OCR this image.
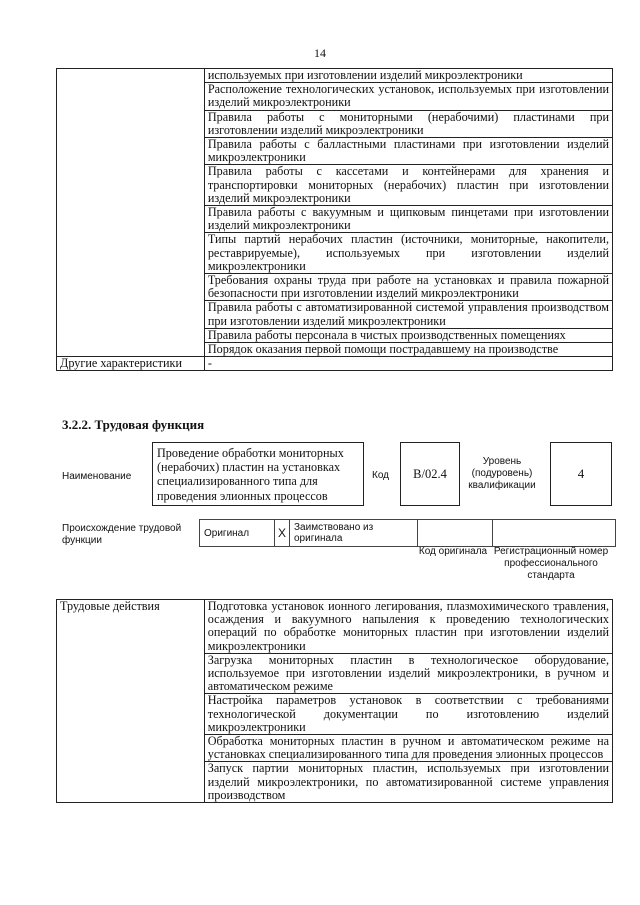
14
	используемых при изготовлении изделий микроэлектроники
	Расположение технологических установок, используемых при изготовлении изделий микроэлектроники
	Правила работы с мониторными (нерабочими) пластинами при изготовлении изделий микроэлектроники
	Правила работы с балластными пластинами при изготовлении изделий микроэлектроники
	Правила работы с кассетами и контейнерами для хранения и транспортировки мониторных (нерабочих) пластин при изготовлении изделий микроэлектроники
	Правила работы с вакуумным и щипковым пинцетами при изготовлении изделий микроэлектроники
	Типы партий нерабочих пластин (источники, мониторные, накопители, реставрируемые), используемых при изготовлении изделий микроэлектроники
	Требования охраны труда при работе на установках и правила пожарной безопасности при изготовлении изделий микроэлектроники
	Правила работы с автоматизированной системой управления производством при изготовлении изделий микроэлектроники
	Правила работы персонала в чистых производственных помещениях
	Порядок оказания первой помощи пострадавшему на производстве
Другие характеристики	-
3.2.2. Трудовая функция
Наименование
Проведение обработки мониторных (нерабочих) пластин на установках специализированного типа для проведения элионных процессов
Код	B/02.4
Уровень (подуровень) квалификации
4
Происхождение трудовой функции
Оригинал	X	Заимствовано из оригинала		
Код оригинала Регистрационный номер профессионального стандарта
Трудовые действия	Подготовка установок ионного легирования, плазмохимического травления, осаждения и вакуумного напыления к проведению технологических операций по обработке мониторных пластин при изготовлении изделий микроэлектроники
Загрузка мониторных пластин в технологическое оборудование, используемое при изготовлении изделий микроэлектроники, в ручном и автоматическом режиме
Настройка параметров установок в соответствии с требованиями технологической документации по изготовлению изделий микроэлектроники
Обработка мониторных пластин в ручном и автоматическом режиме на установках специализированного типа для проведения элионных процессов
Запуск партии мониторных пластин, используемых при изготовлении изделий микроэлектроники, по автоматизированной системе управления производством
